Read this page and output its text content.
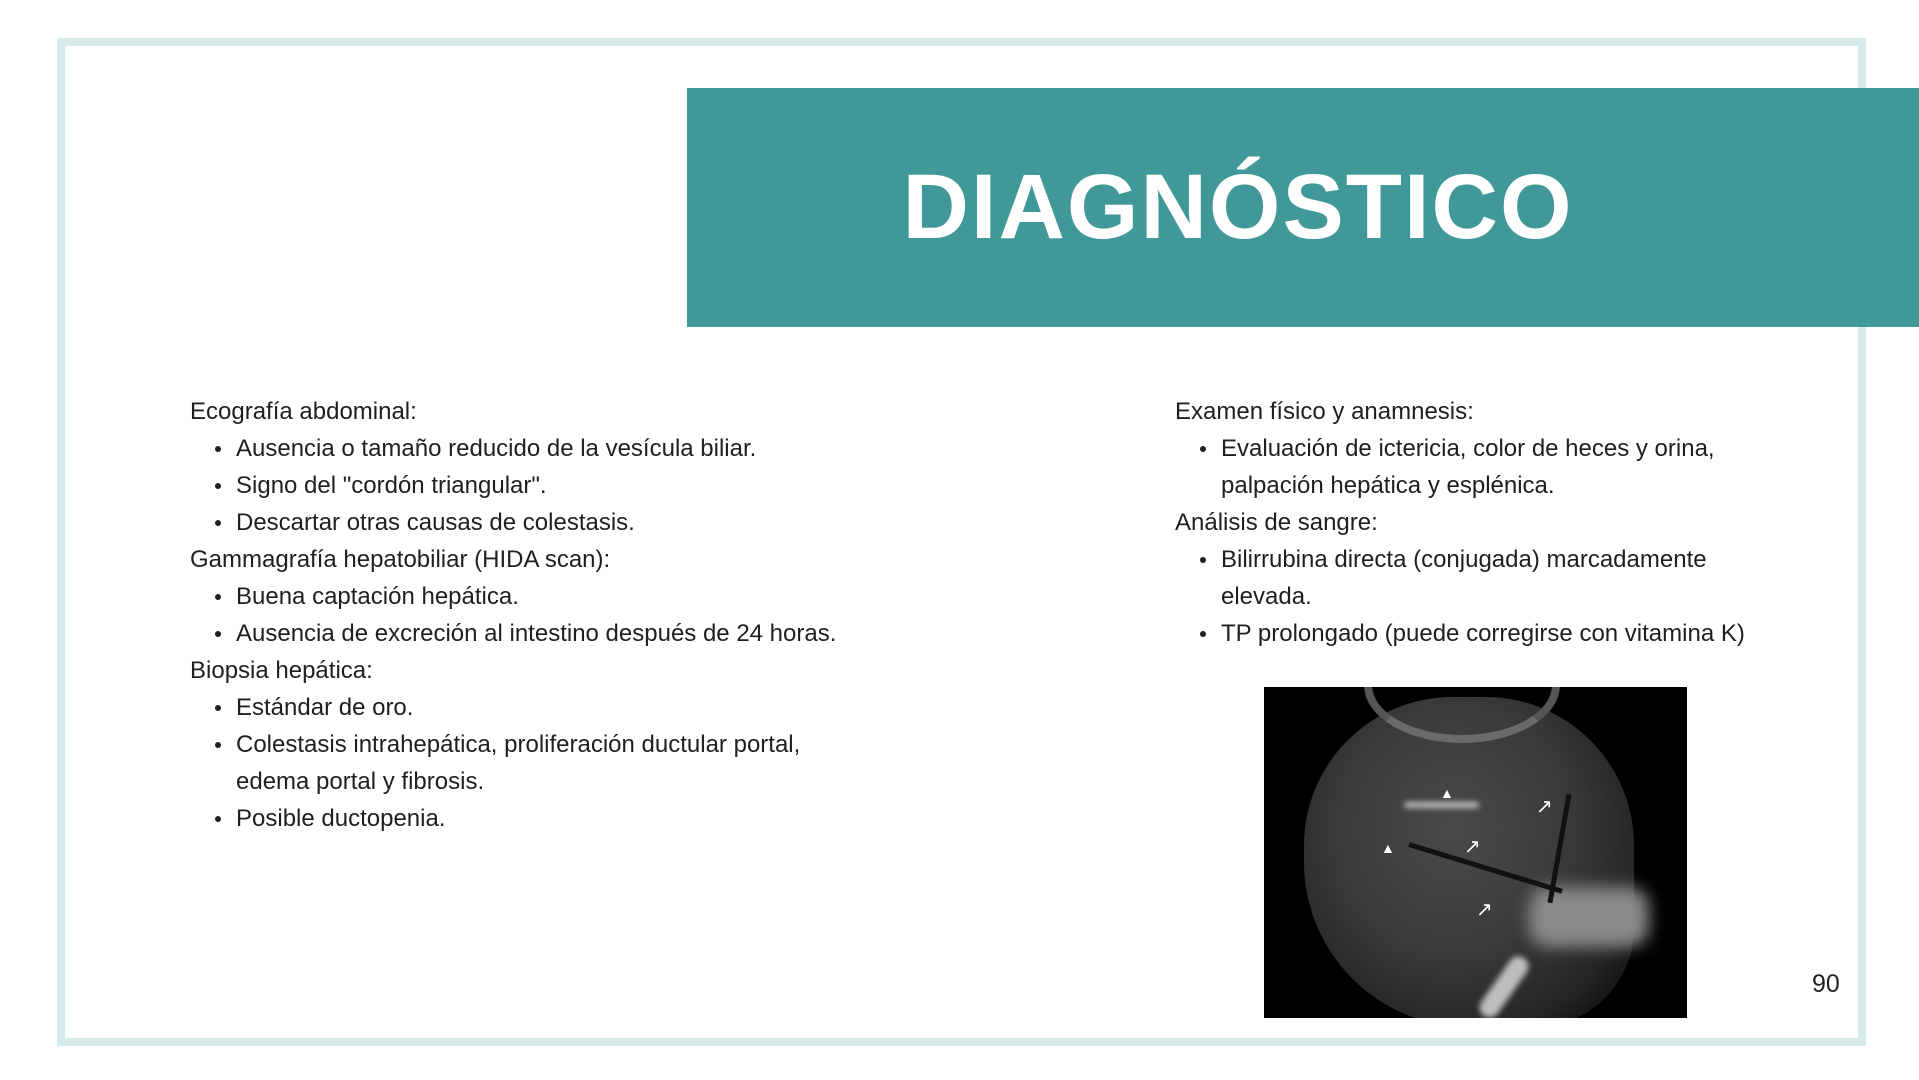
DIAGNÓSTICO
Ecografía abdominal:
Ausencia o tamaño reducido de la vesícula biliar.
Signo del "cordón triangular".
Descartar otras causas de colestasis.
Gammagrafía hepatobiliar (HIDA scan):
Buena captación hepática.
Ausencia de excreción al intestino después de 24 horas.
Biopsia hepática:
Estándar de oro.
Colestasis intrahepática, proliferación ductular portal, edema portal y fibrosis.
Posible ductopenia.
Examen físico y anamnesis:
Evaluación de ictericia, color de heces y orina, palpación hepática y esplénica.
Análisis de sangre:
Bilirrubina directa (conjugada) marcadamente elevada.
TP prolongado (puede corregirse con vitamina K)
▲
▲
↗
↗
↗
90
